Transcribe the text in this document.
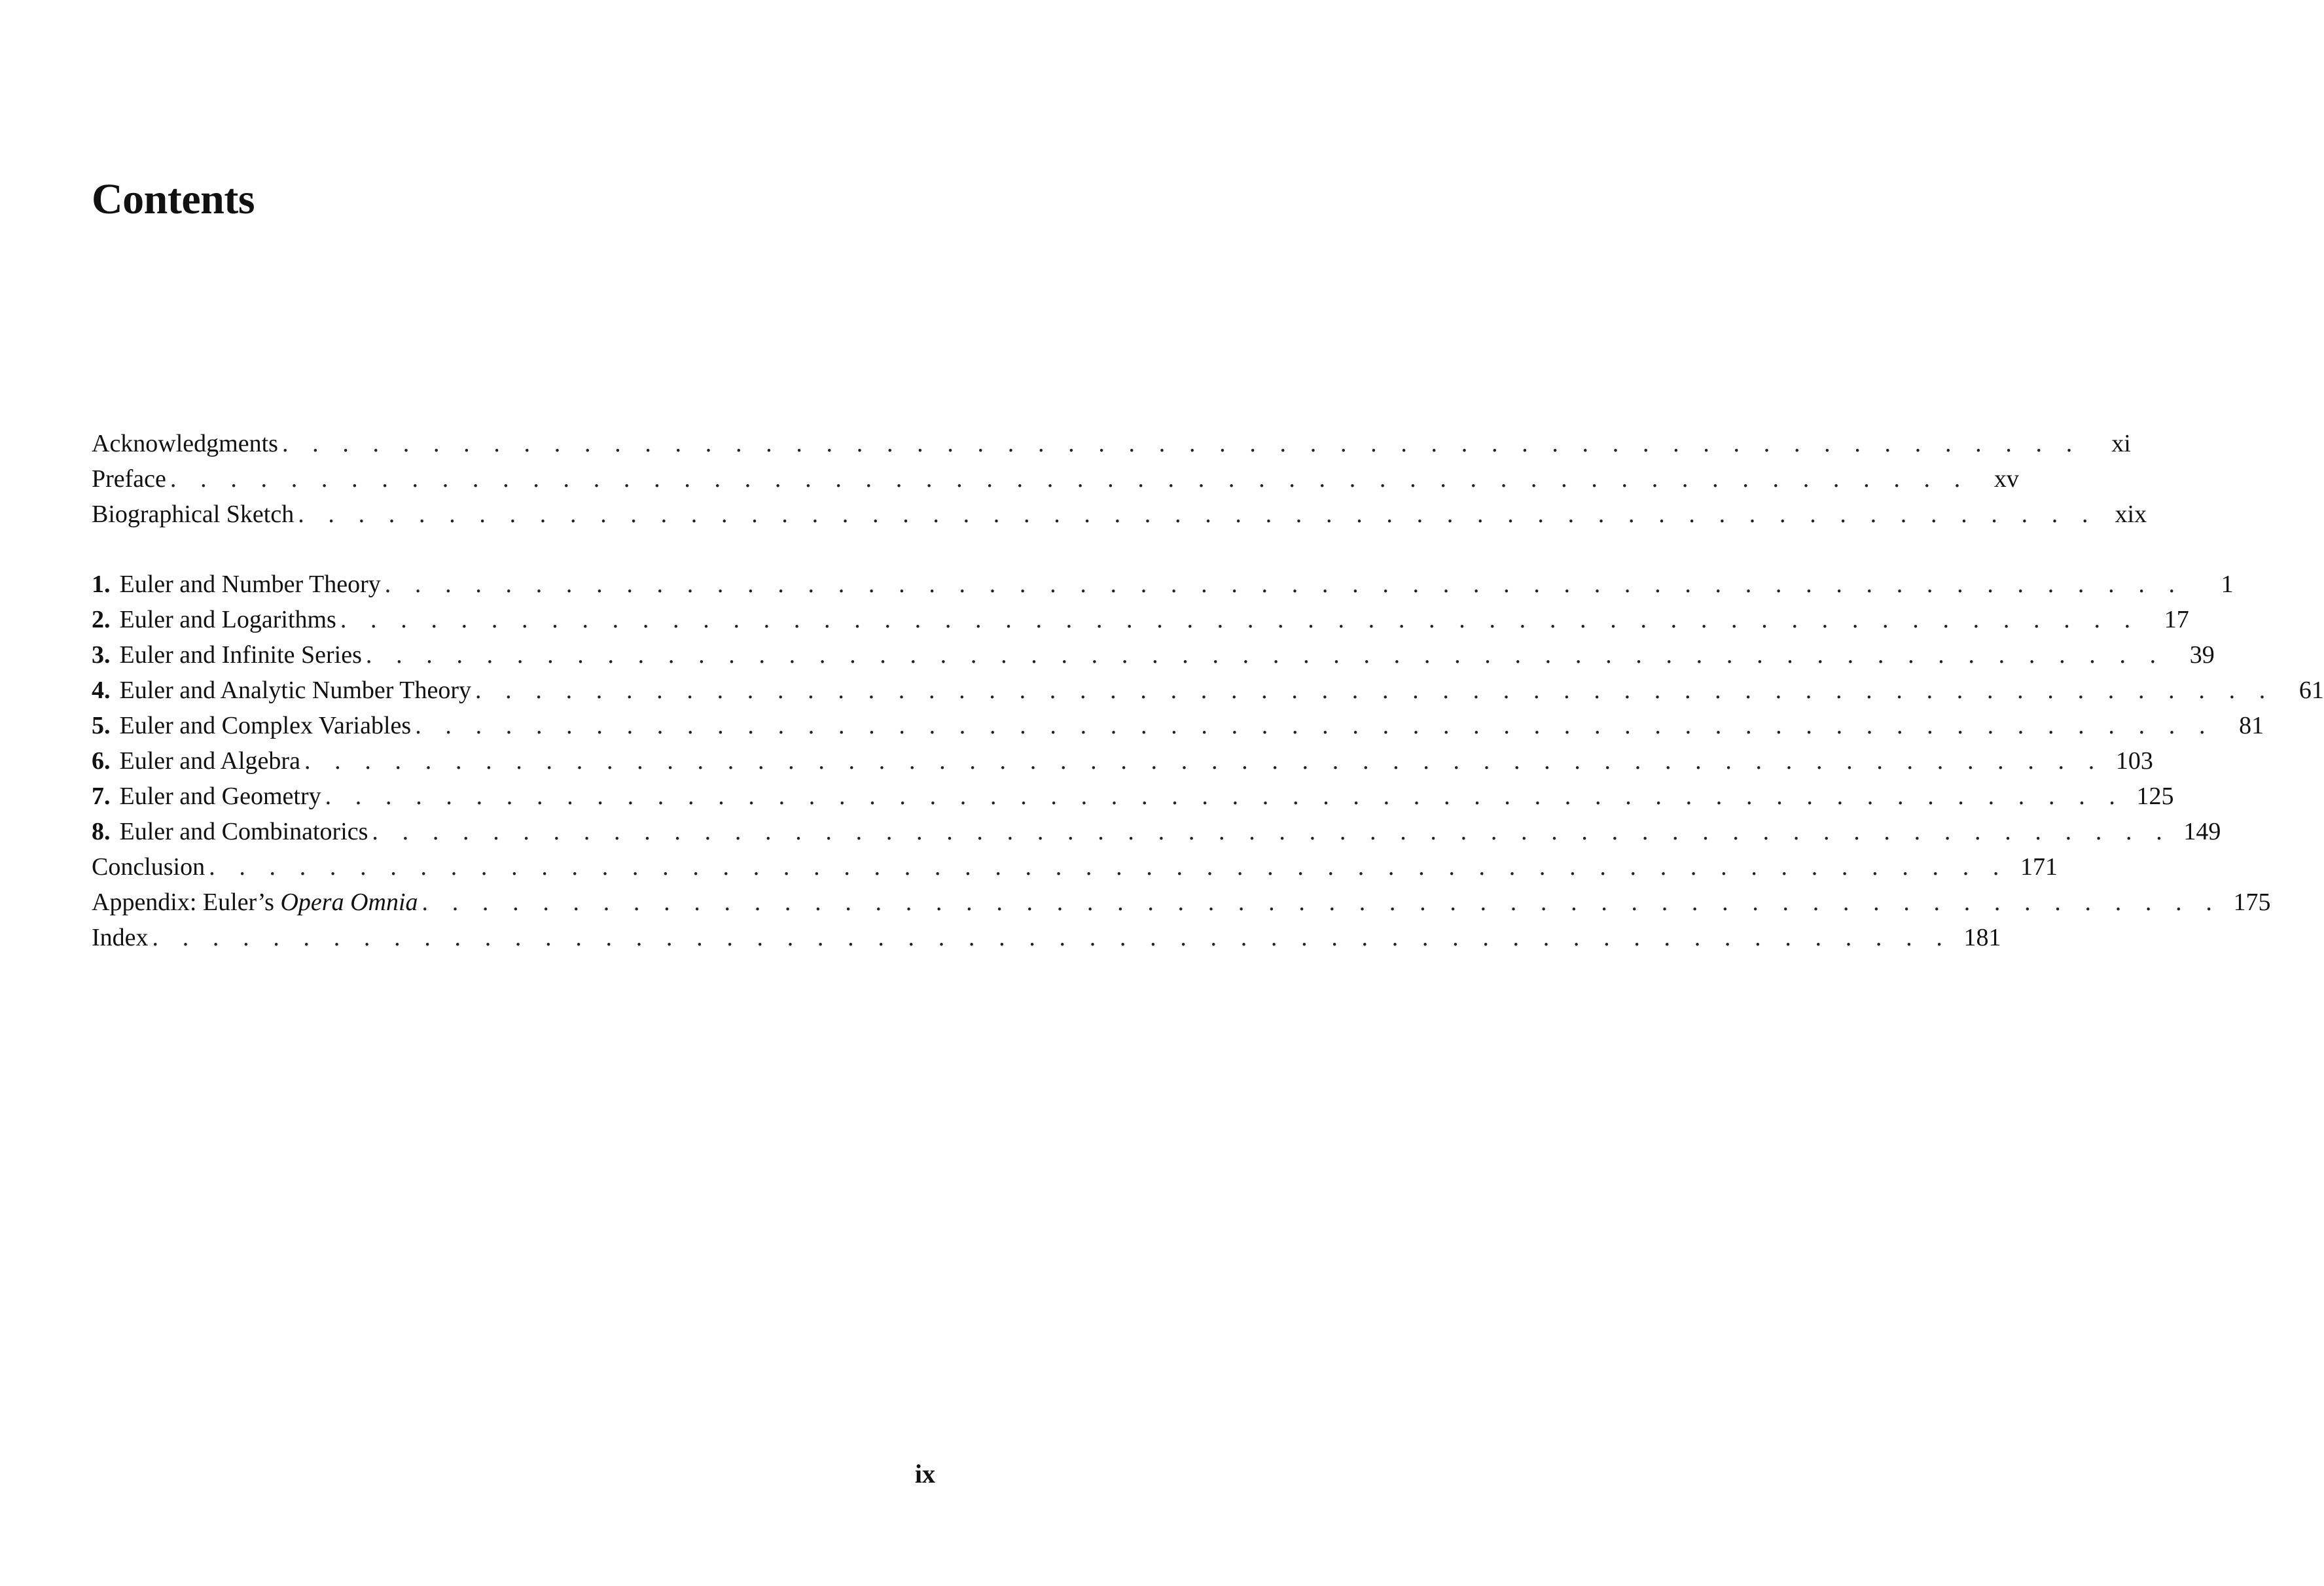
Contents
Acknowledgments . . . . . . . . . . . . . . . . . . . . . . . . . . . . . . . . . . . . . . . . . . . . . . . . . . . . . . . . . . . .	xi
Preface . . . . . . . . . . . . . . . . . . . . . . . . . . . . . . . . . . . . . . . . . . . . . . . . . . . . . . . . . . . .	xv
Biographical Sketch . . . . . . . . . . . . . . . . . . . . . . . . . . . . . . . . . . . . . . . . . . . . . . . . . . . . . . . . . . . . xix
1. Euler and Number Theory . . . . . . . . . . . . . . . . . . . . . . . . . . . . . . . . . . . . . . . . . . . . . . . . . . . . . . . . . . . .	1
2. Euler and Logarithms . . . . . . . . . . . . . . . . . . . . . . . . . . . . . . . . . . . . . . . . . . . . . . . . . . . . . . . . . . . .	17
3. Euler and Infinite Series . . . . . . . . . . . . . . . . . . . . . . . . . . . . . . . . . . . . . . . . . . . . . . . . . . . . . . . . . . . .	39
4. Euler and Analytic Number Theory . . . . . . . . . . . . . . . . . . . . . . . . . . . . . . . . . . . . . . . . . . . . . . . . . . . . . . . . . . . .	61
5. Euler and Complex Variables . . . . . . . . . . . . . . . . . . . . . . . . . . . . . . . . . . . . . . . . . . . . . . . . . . . . . . . . . . . .	81
6. Euler and Algebra . . . . . . . . . . . . . . . . . . . . . . . . . . . . . . . . . . . . . . . . . . . . . . . . . . . . . . . . . . . . 103
7. Euler and Geometry . . . . . . . . . . . . . . . . . . . . . . . . . . . . . . . . . . . . . . . . . . . . . . . . . . . . . . . . . . . . 125
8. Euler and Combinatorics . . . . . . . . . . . . . . . . . . . . . . . . . . . . . . . . . . . . . . . . . . . . . . . . . . . . . . . . . . . . 149
Conclusion . . . . . . . . . . . . . . . . . . . . . . . . . . . . . . . . . . . . . . . . . . . . . . . . . . . . . . . . . . . . 171
Appendix: Euler’s Opera Omnia . . . . . . . . . . . . . . . . . . . . . . . . . . . . . . . . . . . . . . . . . . . . . . . . . . . . . . . . . . . . 175
Index . . . . . . . . . . . . . . . . . . . . . . . . . . . . . . . . . . . . . . . . . . . . . . . . . . . . . . . . . . . . 181
ix
